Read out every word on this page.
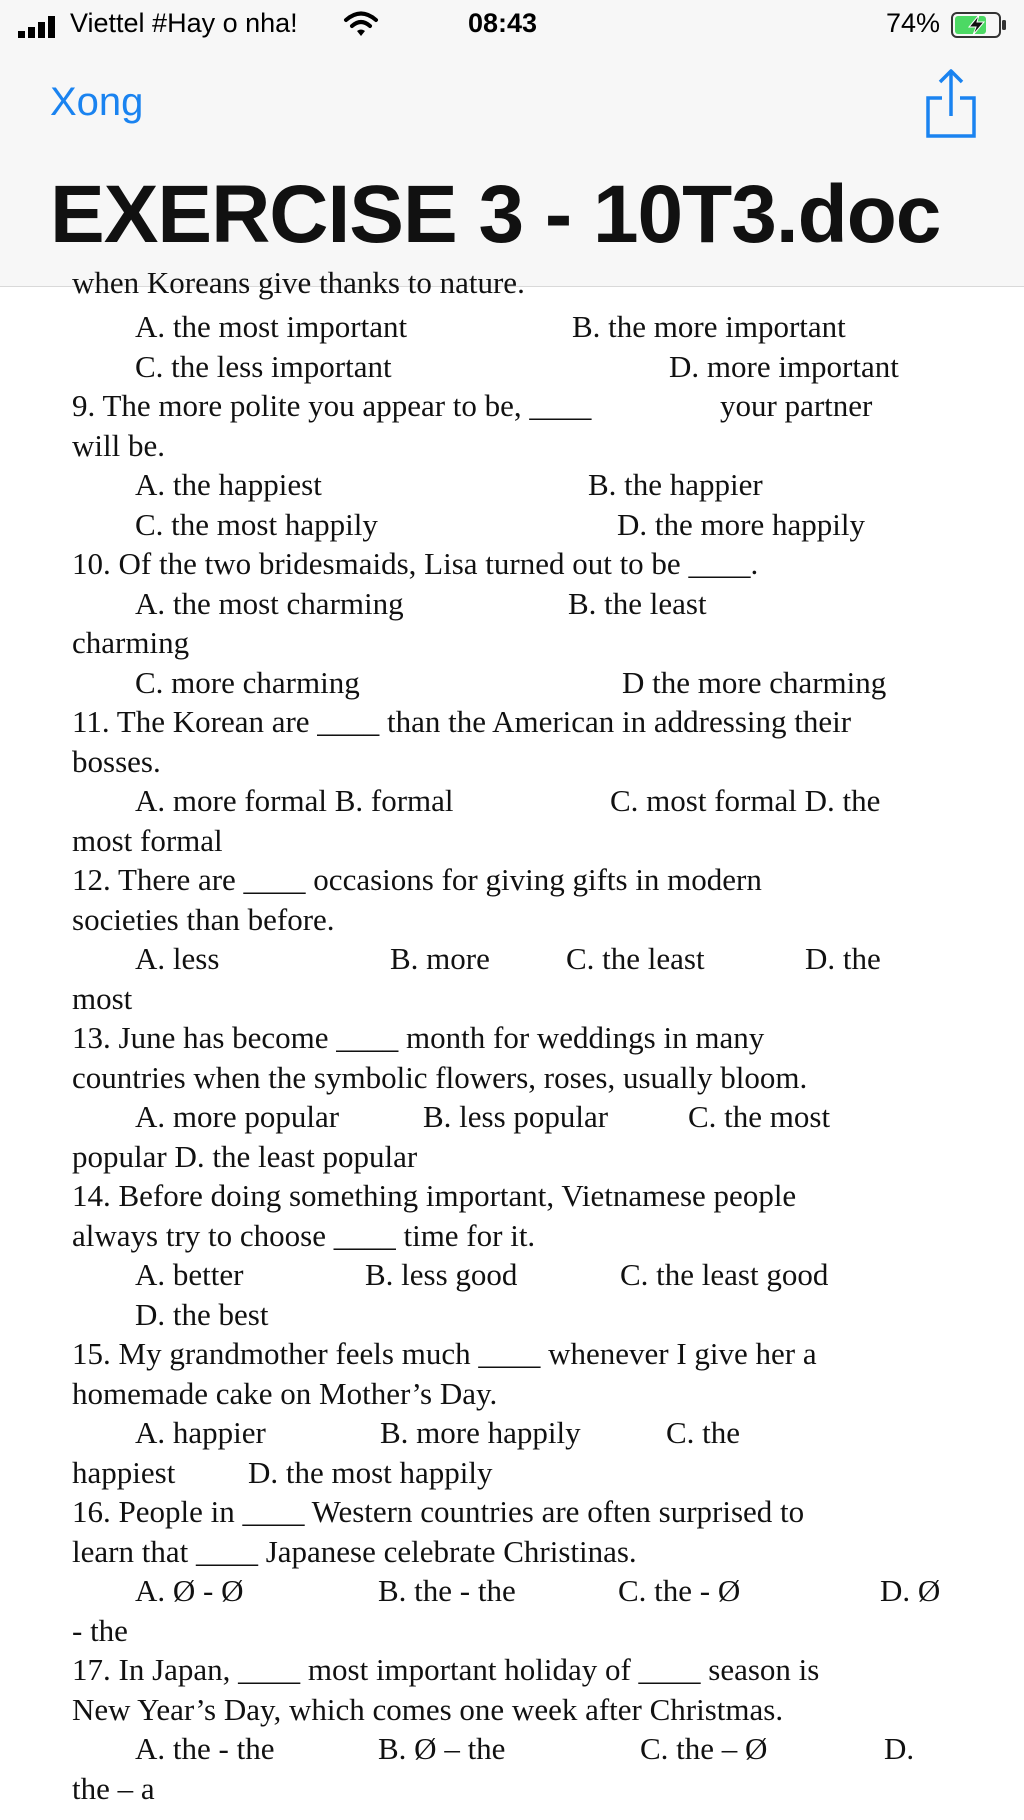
Viettel #Hay o nha!	08:43	74%
Xong
EXERCISE 3 - 10T3.doc
when Koreans give thanks to nature.
A. the most important	B. the more important
C. the less important	D. more important
9. The more polite you appear to be, ____	your partner
will be.
A. the happiest	B. the happier
C. the most happily	D. the more happily
10. Of the two bridesmaids, Lisa turned out to be ____.
A. the most charming	B. the least
charming
C. more charming	D the more charming
11. The Korean are ____ than the American in addressing their
bosses.
A. more formal B. formal	C. most formal D. the
most formal
12. There are ____ occasions for giving gifts in modern
societies than before.
A. less	B. more C. the least	D. the
most
13. June has become ____ month for weddings in many
countries when the symbolic flowers, roses, usually bloom.
A. more popular	B. less popular	C. the most
popular D. the least popular
14. Before doing something important, Vietnamese people
always try to choose ____ time for it.
A. better	B. less good	C. the least good
D. the best
15. My grandmother feels much ____ whenever I give her a
homemade cake on Mother’s Day.
A. happier	B. more happily	C. the
happiest D. the most happily
16. People in ____ Western countries are often surprised to
learn that ____ Japanese celebrate Christinas.
A. Ø - Ø	B. the - the	C. the - Ø	D. Ø
- the
17. In Japan, ____ most important holiday of ____ season is
New Year’s Day, which comes one week after Christmas.
A. the - the	B. Ø – the	C. the – Ø	D.
the – a
